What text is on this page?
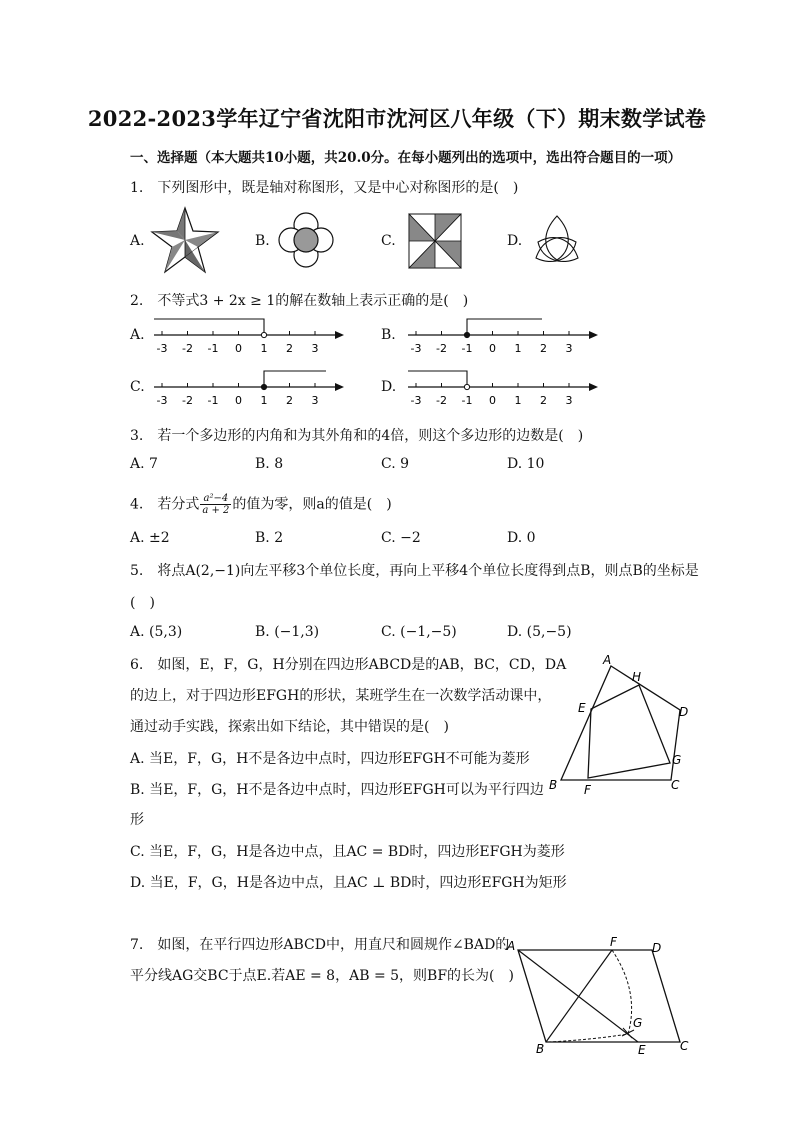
2022-2023学年辽宁省沈阳市沈河区八年级（下）期末数学试卷
一、选择题（本大题共10小题，共20.0分。在每小题列出的选项中，选出符合题目的一项）
1.　下列图形中，既是轴对称图形，又是中心对称图形的是(　)
A.	B.	C.	D.
2.　不等式3 + 2x ≥ 1的解在数轴上表示正确的是(　)
A.	B.
C.	D.
-3 -2 -1 0 1 2 3	-3 -2 -1 0 1 2 3
-3 -2 -1 0 1 2 3	-3 -2 -1 0 1 2 3
3.　若一个多边形的内角和为其外角和的4倍，则这个多边形的边数是(　)
A. 7	B. 8	C. 9	D. 10
4.　若分式 $\frac{\text{a²−4}}{a + 2}$ 的值为零，则a的值是(　)
A. ±2	B. 2	C. −2	D. 0
5.　将点A(2,−1)向左平移3个单位长度，再向上平移4个单位长度得到点B，则点B的坐标是
(　)
A. (5,3)	B. (−1,3)	C. (−1,−5)	D. (5,−5)
6.　如图，E，F，G，H分别在四边形ABCD是的AB，BC，CD，DA
的边上，对于四边形EFGH的形状，某班学生在一次数学活动课中，
通过动手实践，探索出如下结论，其中错误的是(　)
A. 当E，F，G，H不是各边中点时，四边形EFGH不可能为菱形
B. 当E，F，G，H不是各边中点时，四边形EFGH可以为平行四边
形
C. 当E，F，G，H是各边中点，且AC = BD时，四边形EFGH为菱形
D. 当E，F，G，H是各边中点，且AC ⊥ BD时，四边形EFGH为矩形
A
H
E	D
G
B F	C
7.　如图，在平行四边形ABCD中，用直尺和圆规作∠BAD的
平分线AG交BC于点E.若AE = 8，AB = 5，则BF的长为(　)
A	F	D
G
B	E	C
